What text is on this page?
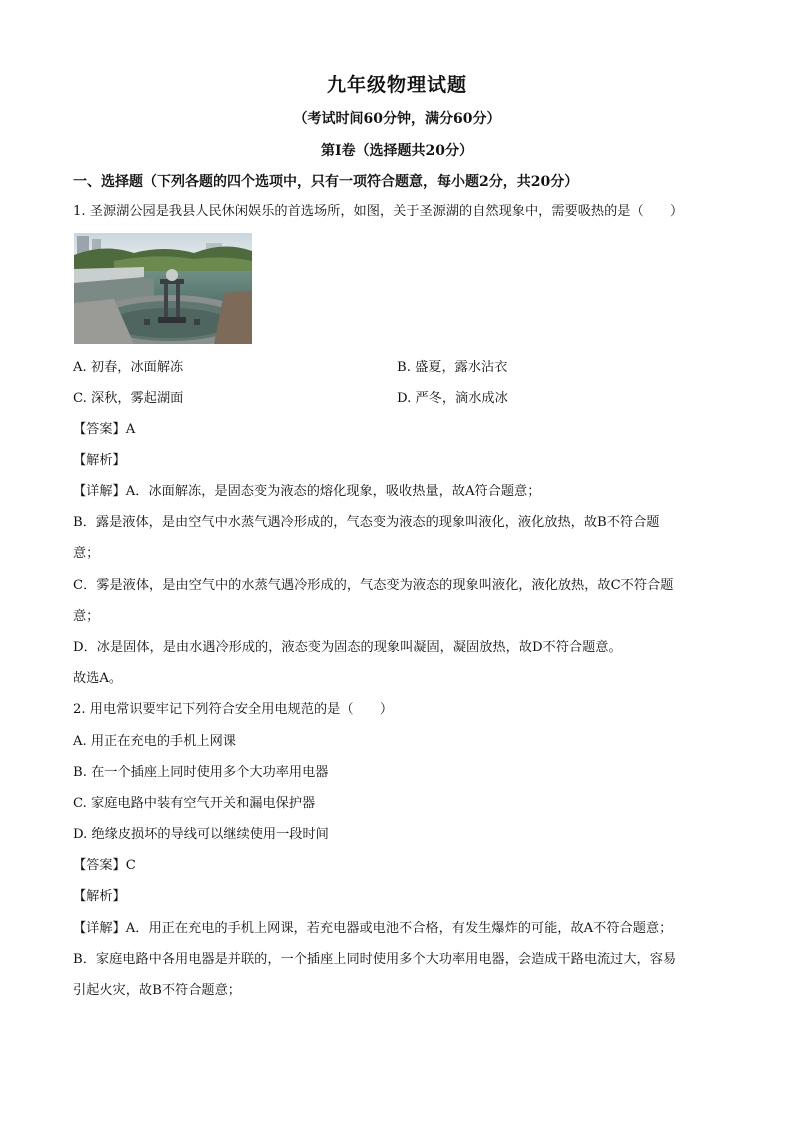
九年级物理试题
（考试时间60分钟，满分60分）
第Ⅰ卷（选择题共20分）
一、选择题（下列各题的四个选项中，只有一项符合题意，每小题2分，共20分）
1. 圣源湖公园是我县人民休闲娱乐的首选场所，如图，关于圣源湖的自然现象中，需要吸热的是（　　）
A. 初春，冰面解冻	B. 盛夏，露水沾衣
C. 深秋，雾起湖面	D. 严冬，滴水成冰
【答案】A
【解析】
【详解】A．冰面解冻，是固态变为液态的熔化现象，吸收热量，故A符合题意；
B．露是液体，是由空气中水蒸气遇冷形成的，气态变为液态的现象叫液化，液化放热，故B不符合题
意；
C．雾是液体，是由空气中的水蒸气遇冷形成的，气态变为液态的现象叫液化，液化放热，故C不符合题
意；
D．冰是固体，是由水遇冷形成的，液态变为固态的现象叫凝固，凝固放热，故D不符合题意。
故选A。
2. 用电常识要牢记下列符合安全用电规范的是（　　）
A. 用正在充电的手机上网课
B. 在一个插座上同时使用多个大功率用电器
C. 家庭电路中装有空气开关和漏电保护器
D. 绝缘皮损坏的导线可以继续使用一段时间
【答案】C
【解析】
【详解】A．用正在充电的手机上网课，若充电器或电池不合格，有发生爆炸的可能，故A不符合题意；
B．家庭电路中各用电器是并联的，一个插座上同时使用多个大功率用电器，会造成干路电流过大，容易
引起火灾，故B不符合题意；
